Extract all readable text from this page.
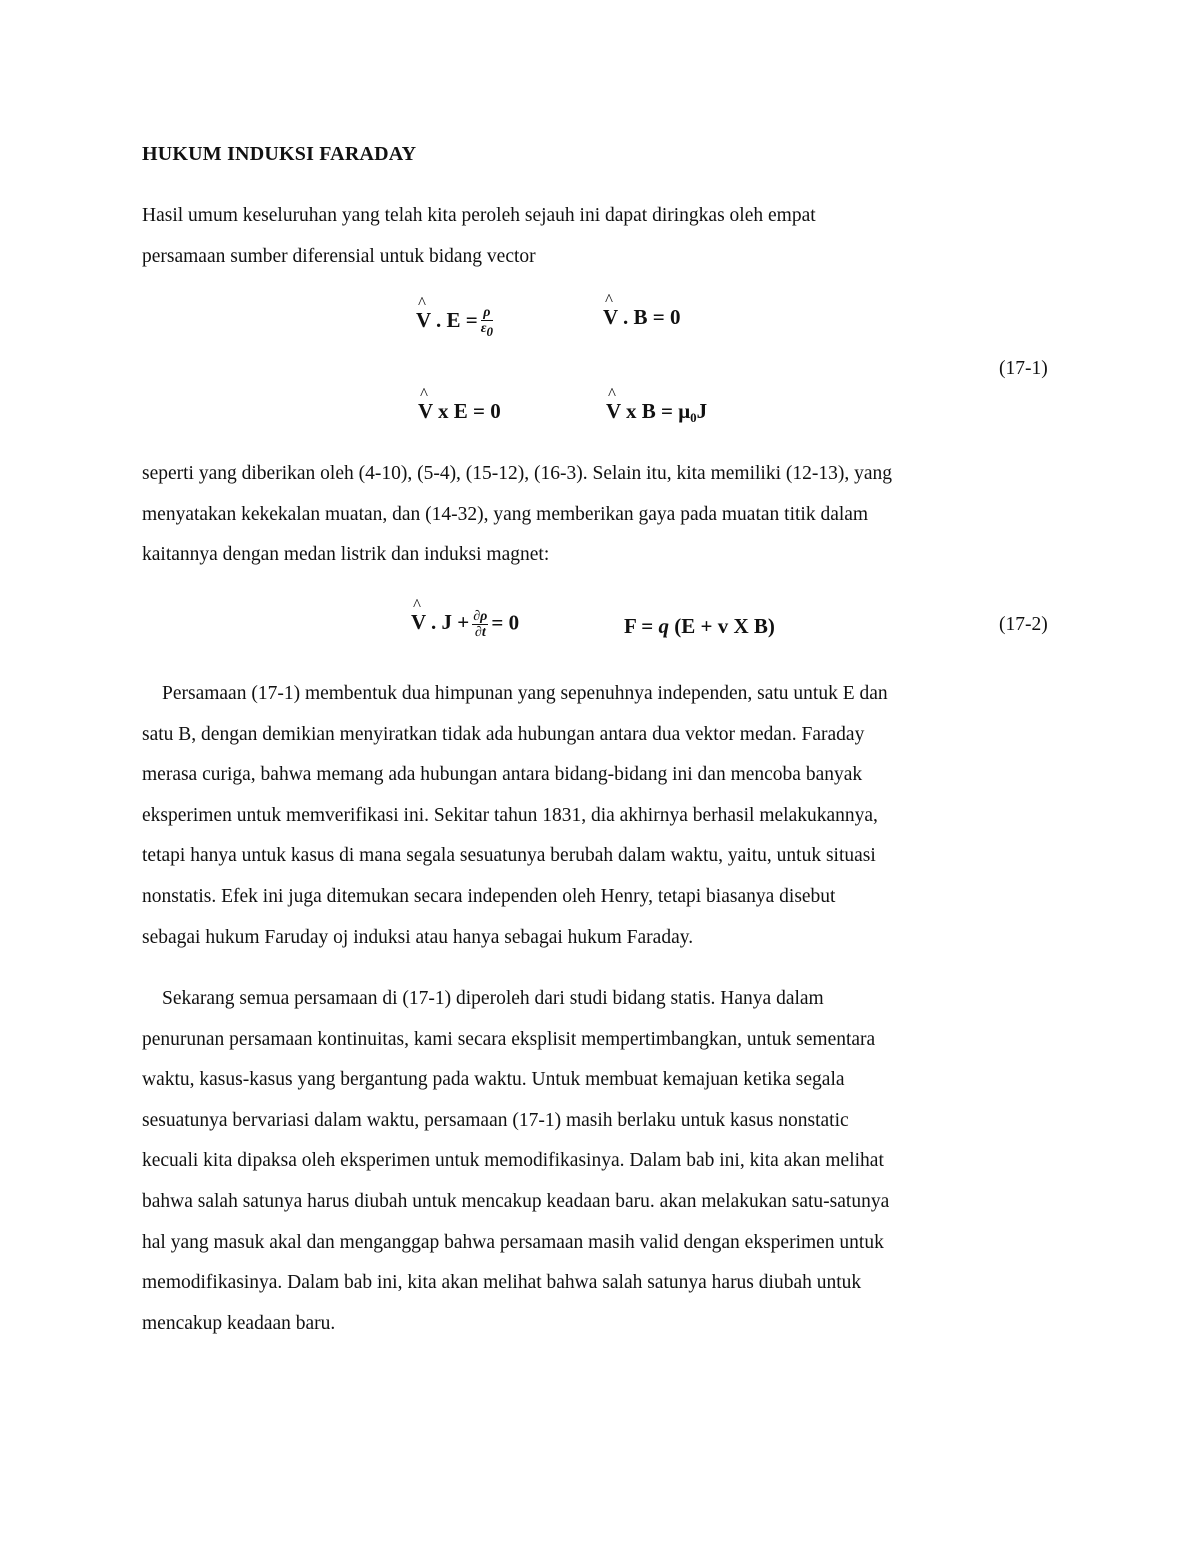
HUKUM INDUKSI FARADAY
Hasil umum keseluruhan yang telah kita peroleh sejauh ini dapat diringkas oleh empat
persamaan sumber diferensial untuk bidang vector
^ V . $E = \frac{\rho}{\varepsilon 0}$	^ V . B = 0
(17-1)
^ V x E = 0	^ V x $B = \mu_0J$
seperti yang diberikan oleh (4-10), (5-4), (15-12), (16-3). Selain itu, kita memiliki (12-13), yang
menyatakan kekekalan muatan, dan (14-32), yang memberikan gaya pada muatan titik dalam
kaitannya dengan medan listrik dan induksi magnet:
^ V . $J + \frac{\partial\rho}{\partial t} = 0$	F = q (E + v X B)	(17-2)
Persamaan (17-1) membentuk dua himpunan yang sepenuhnya independen, satu untuk E dan
satu B, dengan demikian menyiratkan tidak ada hubungan antara dua vektor medan. Faraday
merasa curiga, bahwa memang ada hubungan antara bidang-bidang ini dan mencoba banyak
eksperimen untuk memverifikasi ini. Sekitar tahun 1831, dia akhirnya berhasil melakukannya,
tetapi hanya untuk kasus di mana segala sesuatunya berubah dalam waktu, yaitu, untuk situasi
nonstatis. Efek ini juga ditemukan secara independen oleh Henry, tetapi biasanya disebut
sebagai hukum Faruday oj induksi atau hanya sebagai hukum Faraday.
Sekarang semua persamaan di (17-1) diperoleh dari studi bidang statis. Hanya dalam
penurunan persamaan kontinuitas, kami secara eksplisit mempertimbangkan, untuk sementara
waktu, kasus-kasus yang bergantung pada waktu. Untuk membuat kemajuan ketika segala
sesuatunya bervariasi dalam waktu, persamaan (17-1) masih berlaku untuk kasus nonstatic
kecuali kita dipaksa oleh eksperimen untuk memodifikasinya. Dalam bab ini, kita akan melihat
bahwa salah satunya harus diubah untuk mencakup keadaan baru. akan melakukan satu-satunya
hal yang masuk akal dan menganggap bahwa persamaan masih valid dengan eksperimen untuk
memodifikasinya. Dalam bab ini, kita akan melihat bahwa salah satunya harus diubah untuk
mencakup keadaan baru.
